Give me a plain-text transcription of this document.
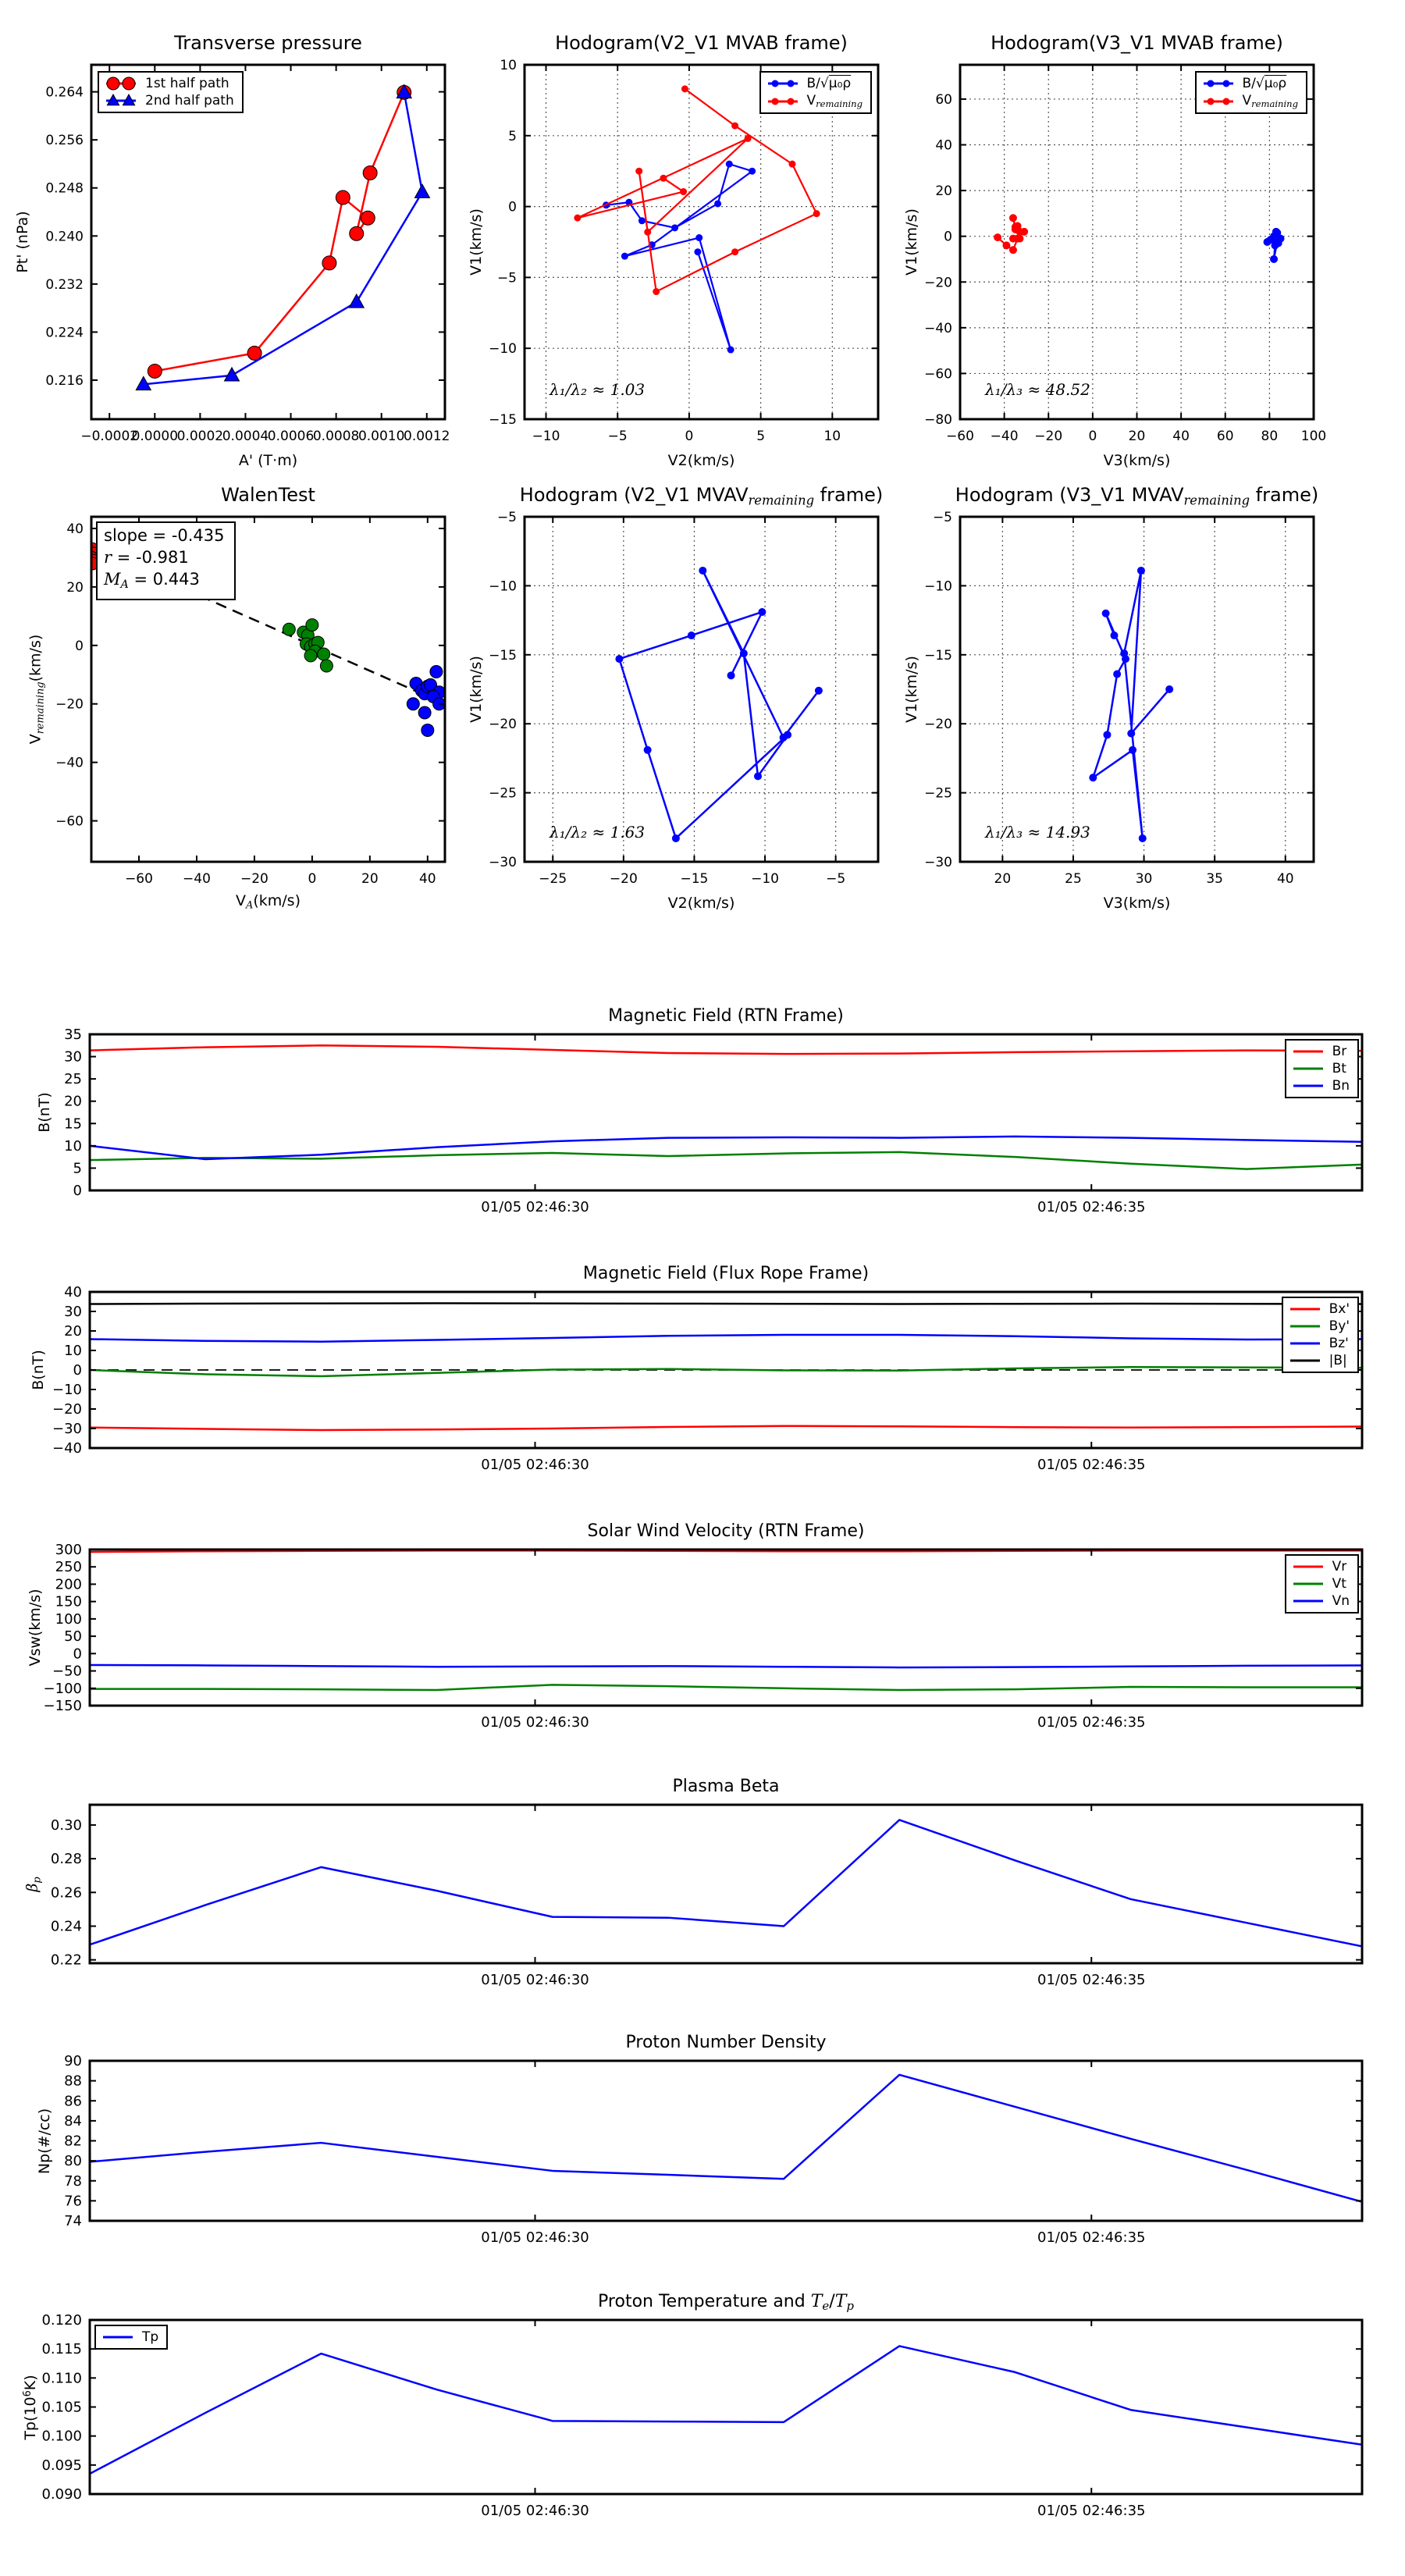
Transverse pressure
Pt' (nPa)
A' (T·m)
−0.0002
0.0000
0.0002
0.0004
0.0006
0.0008
0.0010
0.0012
0.216
0.224
0.232
0.240
0.248
0.256
0.264
1st half path
2nd half path
Hodogram(V2_V1 MVAB frame)
V1(km/s)
V2(km/s)
−10	−5	0	5	10
−15
−10
−5
0
5
10
B/√μ₀ρ
Vremaining
λ₁/λ₂ ≈ 1.03
Hodogram(V3_V1 MVAB frame)
V1(km/s)
V3(km/s)
−60 −40 −20 0 20 40 60 80 100
−80
−60
−40
−20
0
20
40
60
B/√μ₀ρ
Vremaining
λ₁/λ₃ ≈ 48.52
WalenTest
Vremaining(km/s)
VA(km/s)
−60 −40 −20	0	20	40
−60
−40
−20
0
20
40 slope = -0.435
r = -0.981
MA = 0.443
Hodogram (V2_V1 MVAVremaining frame)
V1(km/s)
V2(km/s)
−25	−20	−15	−10	−5
−30
−25
−20
−15
−10
−5
λ₁/λ₂ ≈ 1.63
Hodogram (V3_V1 MVAVremaining frame)
V1(km/s)
V3(km/s)
20	25	30	35	40
−30
−25
−20
−15
−10
−5
λ₁/λ₃ ≈ 14.93
Magnetic Field (RTN Frame)
B(nT)
01/05 02:46:30	01/05 02:46:35
0
5
10
15
20
25
30
35
Br
Bt
Bn
Magnetic Field (Flux Rope Frame)
B(nT)
01/05 02:46:30	01/05 02:46:35
−40
−30
−20
−10
0
10
20
30
40
Bx'
By'
Bz'
|B|
Solar Wind Velocity (RTN Frame)
Vsw(km/s)
01/05 02:46:30	01/05 02:46:35
−150
−100
−50
0
50
100
150
200
250
300
Vr
Vt
Vn
Plasma Beta
βp
01/05 02:46:30	01/05 02:46:35
0.22
0.24
0.26
0.28
0.30
Proton Number Density
Np(#/cc)
01/05 02:46:30	01/05 02:46:35
74
76
78
80
82
84
86
88
90
Proton Temperature and Te/Tp
$Tp(10^6K)$
01/05 02:46:30	01/05 02:46:35
0.090
0.095
0.100
0.105
0.110
0.115
0.120
Tp
